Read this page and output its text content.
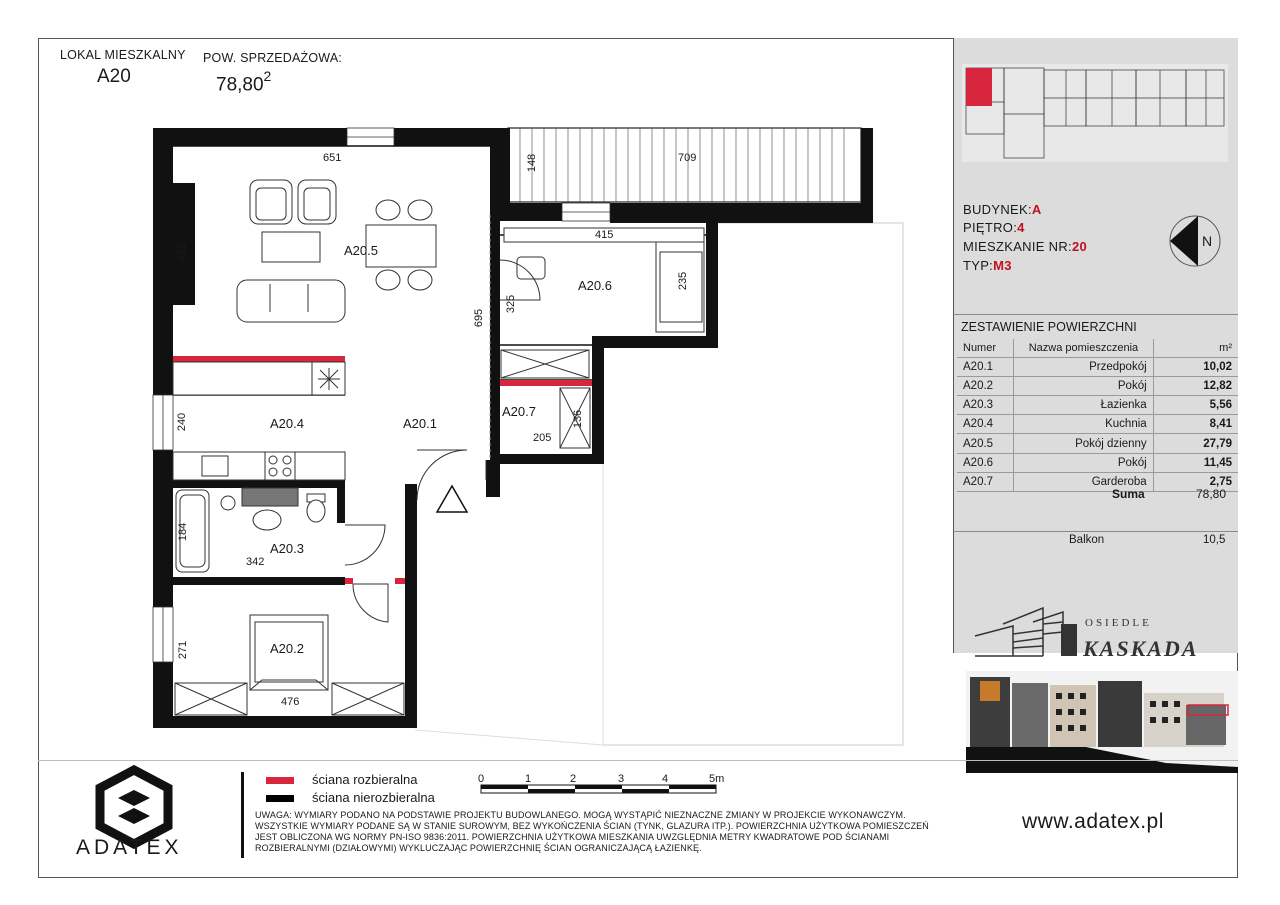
LOKAL MIESZKALNY
A20
POW. SPRZEDAŻOWA:
78,80$^2$
A20.5
A20.6
A20.7
A20.4	A20.1
A20.3
A20.2
651	709
148
431
695
415
235
325
240
205
136
184
342
271
476
BUDYNEK:A
PIĘTRO:4
MIESZKANIE NR:20
TYP:M3
N
ZESTAWIENIE POWIERZCHNI
Numer	Nazwa pomieszczenia	m²
A20.1	Przedpokój	10,02
A20.2	Pokój	12,82
A20.3	Łazienka	5,56
A20.4	Kuchnia	8,41
A20.5	Pokój dzienny	27,79
A20.6	Pokój	11,45
A20.7	Garderoba	2,75
Suma	78,80
Balkon	10,5
OSIEDLE
KASKADA
ADATEX
ściana rozbieralna
ściana nierozbieralna
0	1	2	3	4	5m
UWAGA: WYMIARY PODANO NA PODSTAWIE PROJEKTU BUDOWLANEGO. MOGĄ WYSTĄPIĆ NIEZNACZNE ZMIANY W PROJEKCIE WYKONAWCZYM. WSZYSTKIE WYMIARY PODANE SĄ W STANIE SUROWYM, BEZ WYKOŃCZENIA ŚCIAN (TYNK, GLAZURA ITP.). POWIERZCHNIA UŻYTKOWA POMIESZCZEŃ JEST OBLICZONA WG NORMY PN-ISO 9836:2011. POWIERZCHNIA UŻYTKOWA MIESZKANIA UWZGLĘDNIA METRY KWADRATOWE POD ŚCIANAMI ROZBIERALNYMI (DZIAŁOWYMI) WYKLUCZAJĄC POWIERZCHNIĘ ŚCIAN OGRANICZAJĄCĄ ŁAZIENKĘ.
www.adatex.pl
